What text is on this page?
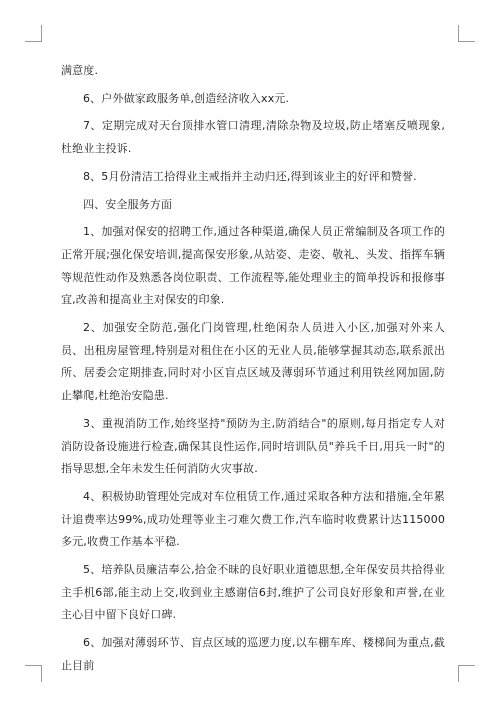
满意度.

6、户外做家政服务单,创造经济收入xx元.

7、定期完成对天台顶排水管口清理,清除杂物及垃圾,防止堵塞反喷现象,杜绝业主投诉.

8、5月份清洁工拾得业主戒指并主动归还,得到该业主的好评和赞誉.

四、安全服务方面

1、加强对保安的招聘工作,通过各种渠道,确保人员正常编制及各项工作的正常开展;强化保安培训,提高保安形象,从站姿、走姿、敬礼、头发、指挥车辆等规范性动作及熟悉各岗位职责、工作流程等,能处理业主的简单投诉和报修事宜,改善和提高业主对保安的印象.

2、加强安全防范,强化门岗管理,杜绝闲杂人员进入小区,加强对外来人员、出租房屋管理,特别是对租住在小区的无业人员,能够掌握其动态,联系派出所、居委会定期排查,同时对小区盲点区域及薄弱环节通过利用铁丝网加固,防止攀爬,杜绝治安隐患.

3、重视消防工作,始终坚持"预防为主,防消结合"的原则,每月指定专人对消防设备设施进行检查,确保其良性运作,同时培训队员"养兵千日,用兵一时"的指导思想,全年未发生任何消防火灾事故.

4、积极协助管理处完成对车位租赁工作,通过采取各种方法和措施,全年累计追费率达99%,成功处理等业主刁难欠费工作,汽车临时收费累计达115000多元,收费工作基本平稳.

5、培养队员廉洁奉公,拾金不昧的良好职业道德思想,全年保安员共拾得业主手机6部,能主动上交,收到业主感谢信6封,维护了公司良好形象和声誉,在业主心目中留下良好口碑.

6、加强对薄弱环节、盲点区域的巡逻力度,以车棚车库、楼梯间为重点,截止目前
